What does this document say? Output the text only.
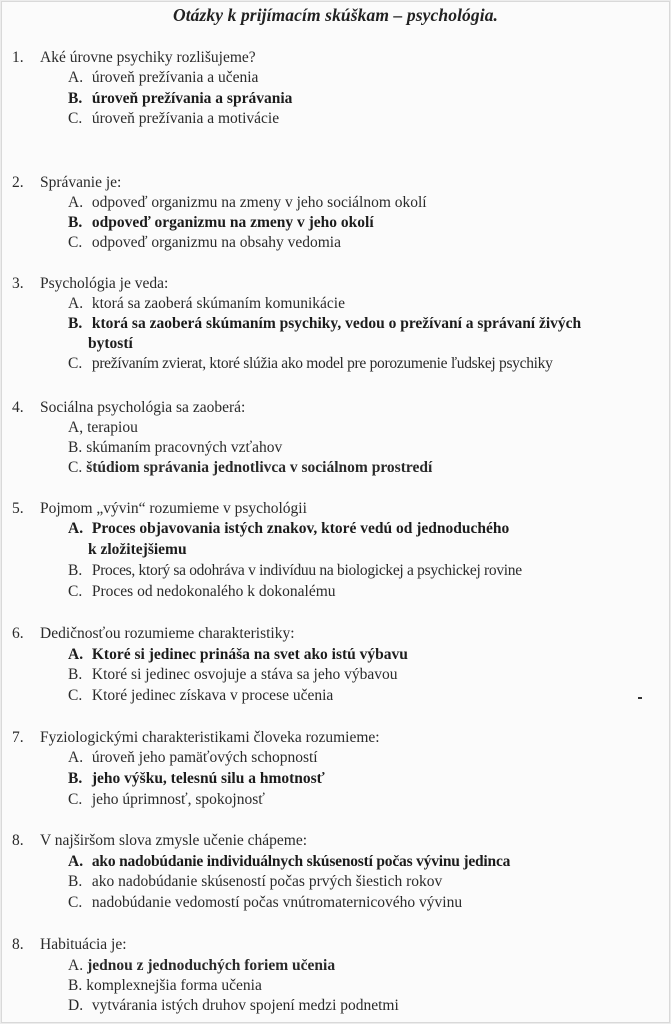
Otázky k prijímacím skúškam – psychológia.
1. Aké úrovne psychiky rozlišujeme?
A. úroveň prežívania a učenia
B. úroveň prežívania a správania
C. úroveň prežívania a motivácie
2. Správanie je:
A. odpoveď organizmu na zmeny v jeho sociálnom okolí
B. odpoveď organizmu na zmeny v jeho okolí
C. odpoveď organizmu na obsahy vedomia
3. Psychológia je veda:
A. ktorá sa zaoberá skúmaním komunikácie
B. ktorá sa zaoberá skúmaním psychiky, vedou o prežívaní a správaní živých
bytostí
C. prežívaním zvierat, ktoré slúžia ako model pre porozumenie ľudskej psychiky
4. Sociálna psychológia sa zaoberá:
A, terapiou
B. skúmaním pracovných vzťahov
C. štúdiom správania jednotlivca v sociálnom prostredí
5. Pojmom „vývin“ rozumieme v psychológii
A. Proces objavovania istých znakov, ktoré vedú od jednoduchého
k zložitejšiemu
B. Proces, ktorý sa odohráva v indivíduu na biologickej a psychickej rovine
C. Proces od nedokonalého k dokonalému
6. Dedičnosťou rozumieme charakteristiky:
A. Ktoré si jedinec prináša na svet ako istú výbavu
B. Ktoré si jedinec osvojuje a stáva sa jeho výbavou
C. Ktoré jedinec získava v procese učenia
7. Fyziologickými charakteristikami človeka rozumieme:
A. úroveň jeho pamäťových schopností
B. jeho výšku, telesnú silu a hmotnosť
C. jeho úprimnosť, spokojnosť
8. V najširšom slova zmysle učenie chápeme:
A. ako nadobúdanie individuálnych skúseností počas vývinu jedinca
B. ako nadobúdanie skúseností počas prvých šiestich rokov
C. nadobúdanie vedomostí počas vnútromaternicového vývinu
8. Habituácia je:
A. jednou z jednoduchých foriem učenia
B. komplexnejšia forma učenia
D. vytvárania istých druhov spojení medzi podnetmi
